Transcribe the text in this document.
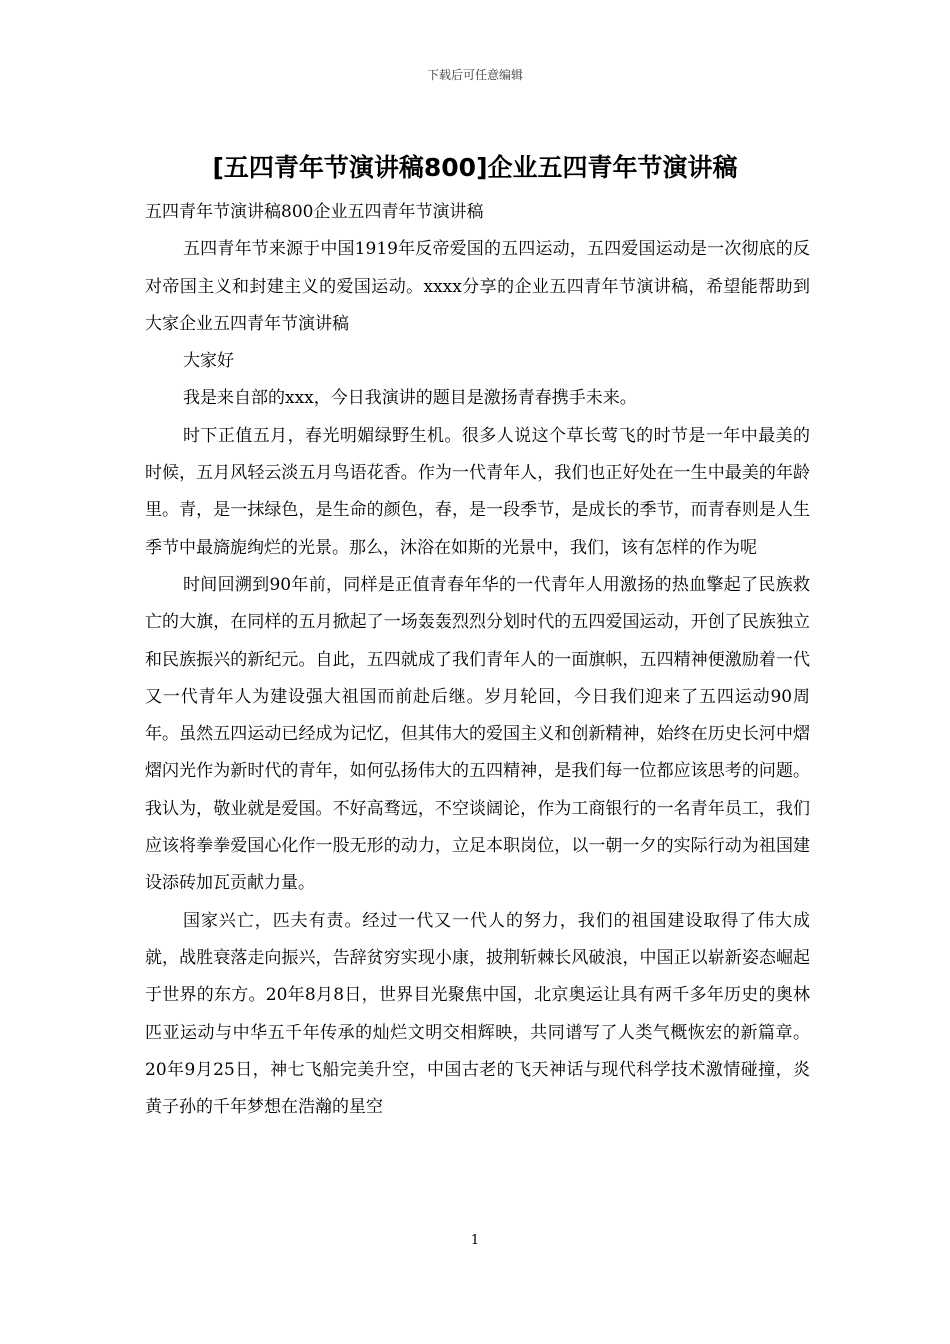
下载后可任意编辑
[五四青年节演讲稿800]企业五四青年节演讲稿

五四青年节演讲稿800企业五四青年节演讲稿

五四青年节来源于中国1919年反帝爱国的五四运动，五四爱国运动是一次彻底的反对帝国主义和封建主义的爱国运动。xxxx分享的企业五四青年节演讲稿，希望能帮助到大家企业五四青年节演讲稿

大家好

我是来自部的xxx，今日我演讲的题目是激扬青春携手未来。

时下正值五月，春光明媚绿野生机。很多人说这个草长莺飞的时节是一年中最美的时候，五月风轻云淡五月鸟语花香。作为一代青年人，我们也正好处在一生中最美的年龄里。青，是一抹绿色，是生命的颜色，春，是一段季节，是成长的季节，而青春则是人生季节中最旖旎绚烂的光景。那么，沐浴在如斯的光景中，我们，该有怎样的作为呢

时间回溯到90年前，同样是正值青春年华的一代青年人用激扬的热血擎起了民族救亡的大旗，在同样的五月掀起了一场轰轰烈烈分划时代的五四爱国运动，开创了民族独立和民族振兴的新纪元。自此，五四就成了我们青年人的一面旗帜，五四精神便激励着一代又一代青年人为建设强大祖国而前赴后继。岁月轮回，今日我们迎来了五四运动90周年。虽然五四运动已经成为记忆，但其伟大的爱国主义和创新精神，始终在历史长河中熠熠闪光作为新时代的青年，如何弘扬伟大的五四精神，是我们每一位都应该思考的问题。我认为，敬业就是爱国。不好高骛远，不空谈阔论，作为工商银行的一名青年员工，我们应该将拳拳爱国心化作一股无形的动力，立足本职岗位，以一朝一夕的实际行动为祖国建设添砖加瓦贡献力量。

国家兴亡，匹夫有责。经过一代又一代人的努力，我们的祖国建设取得了伟大成就，战胜衰落走向振兴，告辞贫穷实现小康，披荆斩棘长风破浪，中国正以崭新姿态崛起于世界的东方。20年8月8日，世界目光聚焦中国，北京奥运让具有两千多年历史的奥林匹亚运动与中华五千年传承的灿烂文明交相辉映，共同谱写了人类气概恢宏的新篇章。20年9月25日，神七飞船完美升空，中国古老的飞天神话与现代科学技术激情碰撞，炎黄子孙的千年梦想在浩瀚的星空

1
